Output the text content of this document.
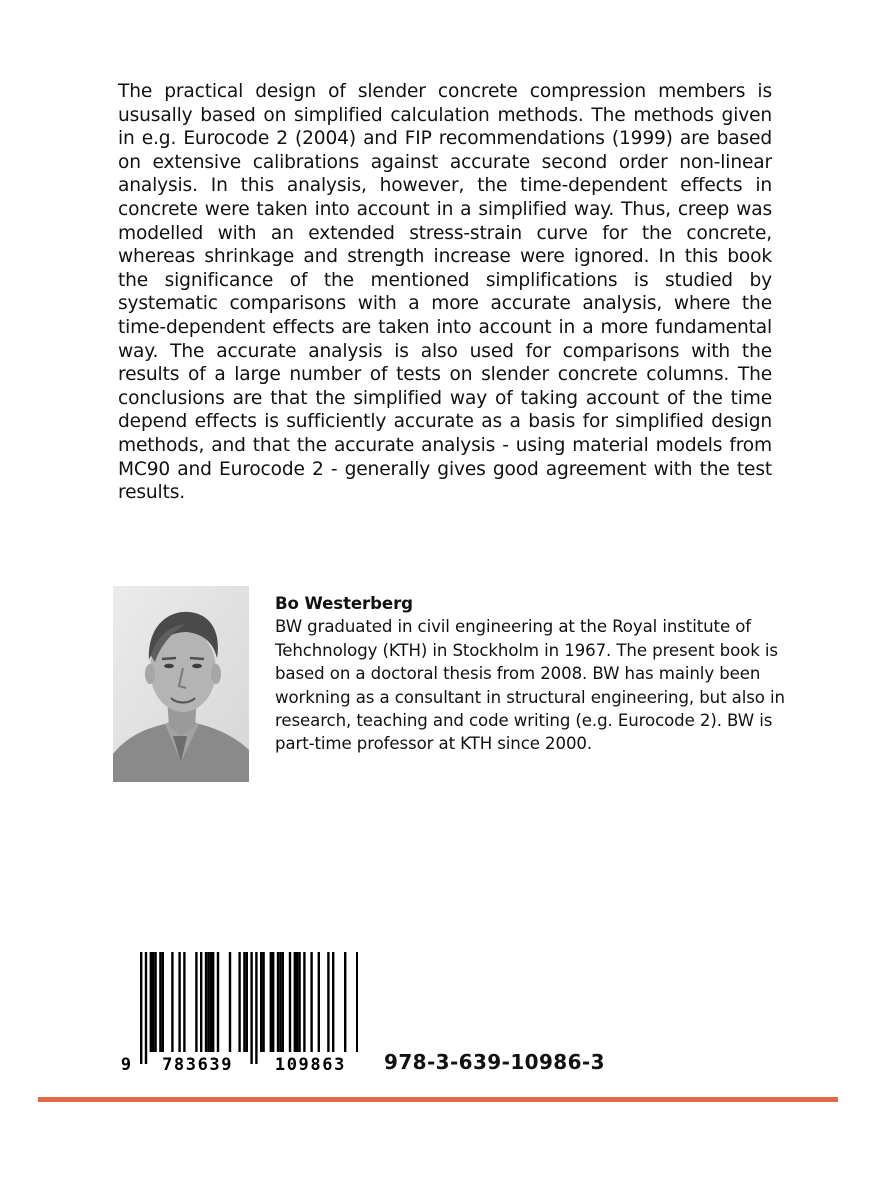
The practical design of slender concrete compression members is ususally based on simplified calculation methods. The methods given in e.g. Eurocode 2 (2004) and FIP recommendations (1999) are based on extensive calibrations against accurate second order non-linear analysis. In this analysis, however, the time-dependent effects in concrete were taken into account in a simplified way. Thus, creep was modelled with an extended stress-strain curve for the concrete, whereas shrinkage and strength increase were ignored. In this book the significance of the mentioned simplifications is studied by systematic comparisons with a more accurate analysis, where the time-dependent effects are taken into account in a more fundamental way. The accurate analysis is also used for comparisons with the results of a large number of tests on slender concrete columns. The conclusions are that the simplified way of taking account of the time depend effects is sufficiently accurate as a basis for simplified design methods, and that the accurate analysis - using material models from MC90 and Eurocode 2 - generally gives good agreement with the test results.

Bo Westerberg
BW graduated in civil engineering at the Royal institute of Tehchnology (KTH) in Stockholm in 1967. The present book is based on a doctoral thesis from 2008. BW has mainly been workning as a consultant in structural engineering, but also in research, teaching and code writing (e.g. Eurocode 2). BW is part-time professor at KTH since 2000.
9 783639 109863 978-3-639-10986-3
